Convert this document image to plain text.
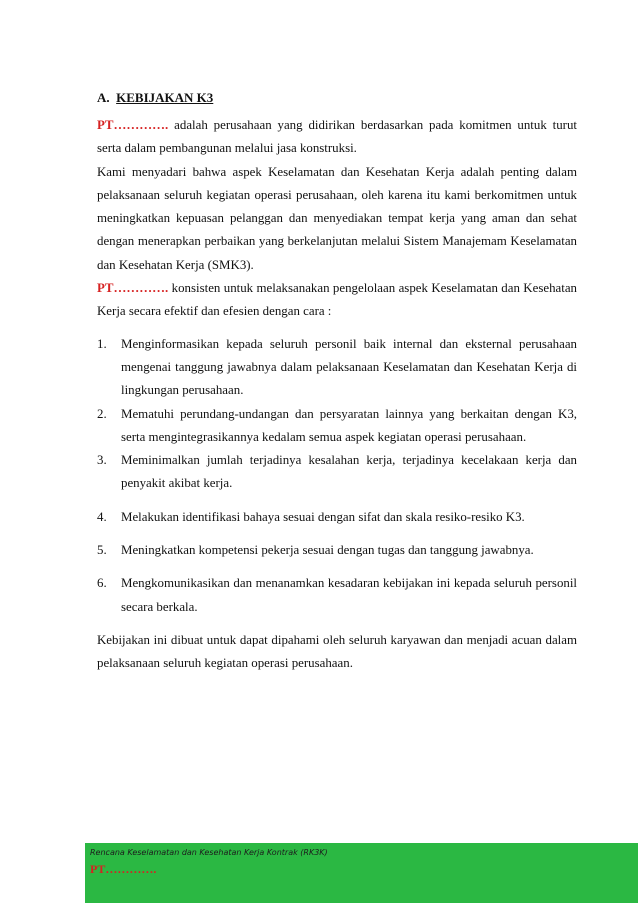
A. KEBIJAKAN K3

PT…………. adalah perusahaan yang didirikan berdasarkan pada komitmen untuk turut serta dalam pembangunan melalui jasa konstruksi.

Kami menyadari bahwa aspek Keselamatan dan Kesehatan Kerja adalah penting dalam pelaksanaan seluruh kegiatan operasi perusahaan, oleh karena itu kami berkomitmen untuk meningkatkan kepuasan pelanggan dan menyediakan tempat kerja yang aman dan sehat dengan menerapkan perbaikan yang berkelanjutan melalui Sistem Manajemam Keselamatan dan Kesehatan Kerja (SMK3).

PT…………. konsisten untuk melaksanakan pengelolaan aspek Keselamatan dan Kesehatan Kerja secara efektif dan efesien dengan cara :

1. Menginformasikan kepada seluruh personil baik internal dan eksternal perusahaan mengenai tanggung jawabnya dalam pelaksanaan Keselamatan dan Kesehatan Kerja di lingkungan perusahaan.
2. Mematuhi perundang-undangan dan persyaratan lainnya yang berkaitan dengan K3, serta mengintegrasikannya kedalam semua aspek kegiatan operasi perusahaan.
3. Meminimalkan jumlah terjadinya kesalahan kerja, terjadinya kecelakaan kerja dan penyakit akibat kerja.
4. Melakukan identifikasi bahaya sesuai dengan sifat dan skala resiko-resiko K3.
5. Meningkatkan kompetensi pekerja sesuai dengan tugas dan tanggung jawabnya.
6. Mengkomunikasikan dan menanamkan kesadaran kebijakan ini kepada seluruh personil secara berkala.

Kebijakan ini dibuat untuk dapat dipahami oleh seluruh karyawan dan menjadi acuan dalam pelaksanaan seluruh kegiatan operasi perusahaan.

Rencana Keselamatan dan Kesehatan Kerja Kontrak (RK3K)
PT………….
